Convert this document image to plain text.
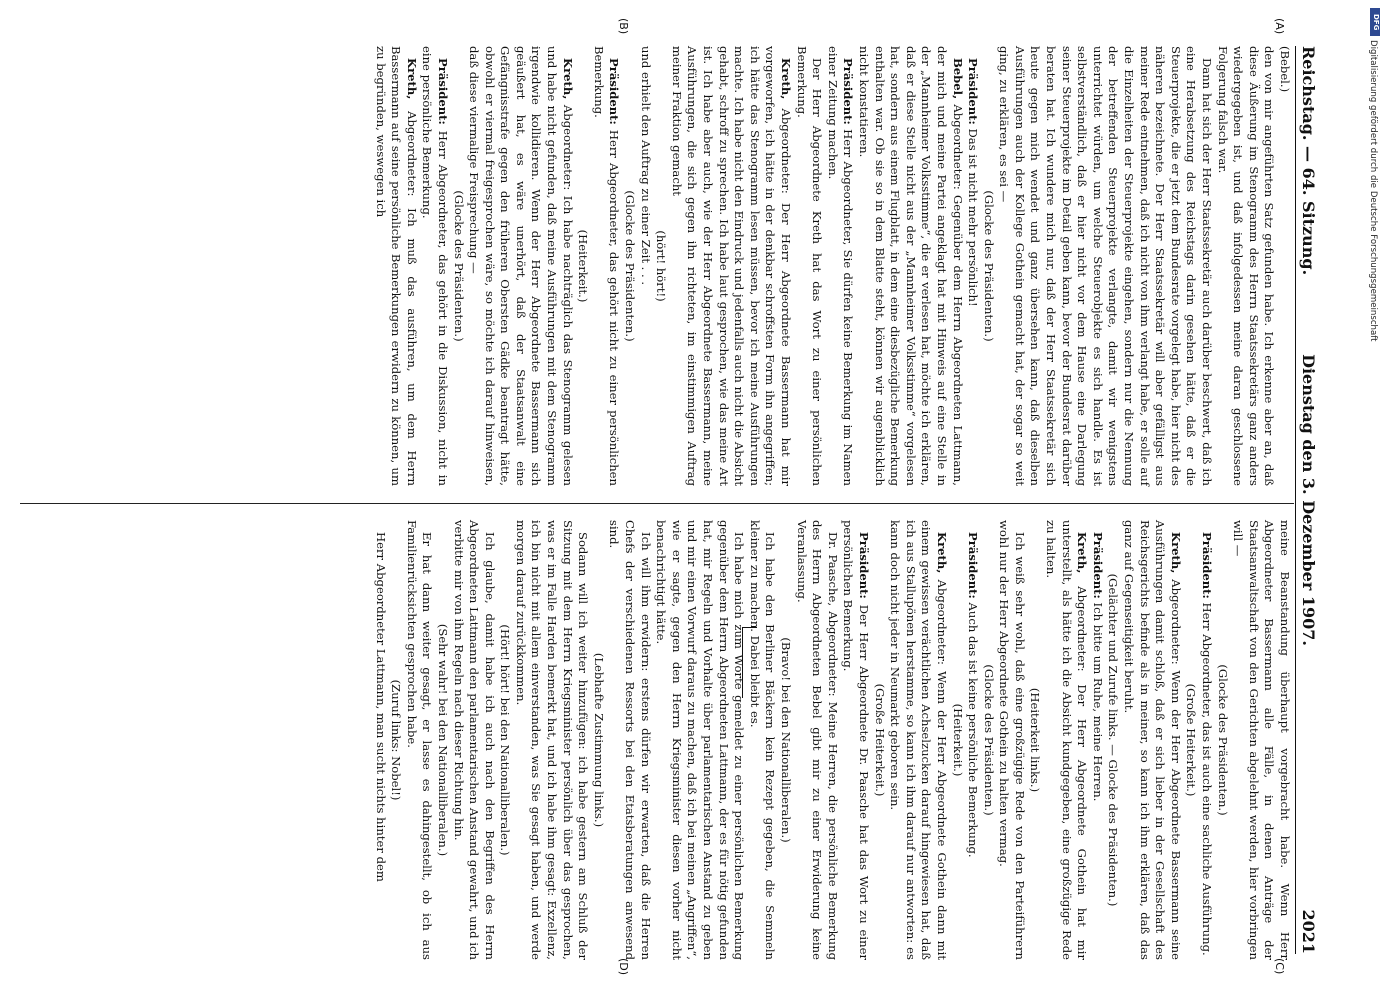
Reichstag. — 64. Sitzung.
Dienstag den 3. Dezember 1907.
2021
(A)
(B)
(C)
(D)

(Bebel.)

den von mir angeführten Satz gefunden habe. Ich erkenne aber an, daß diese Äußerung im Stenogramm des Herrn Staatssekretärs ganz anders wiedergegeben ist, und daß infolgedessen meine daran geschlossene Folgerung falsch war.

Dann hat sich der Herr Staatssekretär auch darüber beschwert, daß ich eine Herabsetzung des Reichstags darin gesehen hätte, daß er die Steuerprojekte, die er jetzt dem Bundesrate vorgelegt habe, hier nicht des näheren bezeichnete. Der Herr Staatssekretär will aber gefälligst aus meiner Rede entnehmen, daß ich nicht von ihm verlangt habe, er solle auf die Einzelheiten der Steuerprojekte eingehen, sondern nur die Nennung der betreffenden Steuerprojekte verlangte, damit wir wenigstens unterrichtet würden, um welche Steuerobjekte es sich handle. Es ist selbstverständlich, daß er hier nicht vor dem Hause eine Darlegung seiner Steuerprojekte im Detail geben kann, bevor der Bundesrat darüber beraten hat. Ich wundere mich nur, daß der Herr Staatssekretär sich heute gegen mich wendet und ganz übersehen kann, daß dieselben Ausführungen auch der Kollege Gothein gemacht hat, der sogar so weit ging, zu erklären, es sei —

(Glocke des Präsidenten.)

Präsident: Das ist nicht mehr persönlich!

Bebel, Abgeordneter: Gegenüber dem Herrn Abgeordneten Lattmann, der mich und meine Partei angeklagt hat mit Hinweis auf eine Stelle in der „Mannheimer Volksstimme“, die er verlesen hat, möchte ich erklären, daß er diese Stelle nicht aus der „Mannheimer Volksstimme“ vorgelesen hat, sondern aus einem Flugblatt, in dem eine diesbezügliche Bemerkung enthalten war. Ob sie so in dem Blatte steht, können wir augenblicklich nicht konstatieren.

Präsident: Herr Abgeordneter, Sie dürfen keine Bemerkung im Namen einer Zeitung machen.

Der Herr Abgeordnete Kreth hat das Wort zu einer persönlichen Bemerkung.

Kreth, Abgeordneter: Der Herr Abgeordnete Bassermann hat mir vorgeworfen, ich hätte in der denkbar schroffsten Form ihn angegriffen; ich hätte das Stenogramm lesen müssen, bevor ich meine Ausführungen machte. Ich habe nicht den Eindruck und jedenfalls auch nicht die Absicht gehabt, schroff zu sprechen. Ich habe laut gesprochen, wie das meine Art ist. Ich habe aber auch, wie der Herr Abgeordnete Bassermann, meine Ausführungen, die sich gegen ihn richteten, im einstimmigen Auftrag meiner Fraktion gemacht

(hört! hört!)

und erhielt den Auftrag zu einer Zeit . . .

(Glocke des Präsidenten.)

Präsident: Herr Abgeordneter, das gehört nicht zu einer persönlichen Bemerkung.

(Heiterkeit.)

Kreth, Abgeordneter: Ich habe nachträglich das Stenogramm gelesen und habe nicht gefunden, daß meine Ausführungen mit dem Stenogramm irgendwie kollidieren. Wenn der Herr Abgeordnete Bassermann sich geäußert hat, es wäre unerhört, daß der Staatsanwalt eine Gefängnisstrafe gegen den früheren Obersten Gädke beantragt hätte, obwohl er viermal freigesprochen wäre, so möchte ich darauf hinweisen, daß diese viermalige Freisprechung —

(Glocke des Präsidenten.)

Präsident: Herr Abgeordneter, das gehört in die Diskussion, nicht in eine persönliche Bemerkung.

Kreth, Abgeordneter: Ich muß das ausführen, um dem Herrn Bassermann auf seine persönliche Bemerkungen erwidern zu können, um zu begründen, weswegen ich

meine Beanstandung überhaupt vorgebracht habe. Wenn Herr Abgeordneter Bassermann alle Fälle, in denen Anträge der Staatsanwaltschaft von den Gerichten abgelehnt werden, hier vorbringen will —

(Glocke des Präsidenten.)

Präsident: Herr Abgeordneter, das ist auch eine sachliche Ausführung.

(Große Heiterkeit.)

Kreth, Abgeordneter: Wenn der Herr Abgeordnete Bassermann seine Ausführungen damit schloß, daß er sich lieber in der Gesellschaft des Reichsgerichts befinde als in meiner, so kann ich ihm erklären, daß das ganz auf Gegenseitigkeit beruht.

(Gelächter und Zurufe links. — Glocke des Präsidenten.)

Präsident: Ich bitte um Ruhe, meine Herren.

Kreth, Abgeordneter: Der Herr Abgeordnete Gothein hat mir unterstellt, als hätte ich die Absicht kundgegeben, eine großzügige Rede zu halten.

(Heiterkeit links.)

Ich weiß sehr wohl, daß eine großzügige Rede von den Parteiführern wohl nur der Herr Abgeordnete Gothein zu halten vermag.

(Glocke des Präsidenten.)

Präsident: Auch das ist keine persönliche Bemerkung.

(Heiterkeit.)

Kreth, Abgeordneter: Wenn der Herr Abgeordnete Gothein dann mit einem gewissen verächtlichen Achselzucken darauf hingewiesen hat, daß ich aus Stallupönen herstamme, so kann ich ihm darauf nur antworten: es kann doch nicht jeder in Neumarkt geboren sein.

(Große Heiterkeit.)

Präsident: Der Herr Abgeordnete Dr. Paasche hat das Wort zu einer persönlichen Bemerkung.

Dr. Paasche, Abgeordneter: Meine Herren, die persönliche Bemerkung des Herrn Abgeordneten Bebel gibt mir zu einer Erwiderung keine Veranlassung.

(Bravo! bei den Nationalliberalen.)

Ich habe den Berliner Bäckern kein Rezept gegeben, die Semmeln kleiner zu machen. Dabei bleibt es.

Ich habe mich zum Worte gemeldet zu einer persönlichen Bemerkung gegenüber dem Herrn Abgeordneten Lattmann, der es für nötig gefunden hat, mir Regeln und Vorhalte über parlamentarischen Anstand zu geben und mir einen Vorwurf daraus zu machen, daß ich bei meinen „Angriffen“, wie er sagte, gegen den Herrn Kriegsminister diesen vorher nicht benachrichtigt hätte.

Ich will ihm erwidern: erstens dürfen wir erwarten, daß die Herren Chefs der verschiedenen Ressorts bei den Etatsberatungen anwesend sind.

(Lebhafte Zustimmung links.)

Sodann will ich weiter hinzufügen: ich habe gestern am Schluß der Sitzung mit dem Herrn Kriegsminister persönlich über das gesprochen, was er im Falle Harden bemerkt hat, und ich habe ihm gesagt: Exzellenz, ich bin nicht mit allem einverstanden, was Sie gesagt haben, und werde morgen darauf zurückkommen.

(Hört! hört! bei den Nationalliberalen.)

Ich glaube, damit habe ich auch nach den Begriffen des Herrn Abgeordneten Lattmann den parlamentarischen Anstand gewahrt, und ich verbitte mir von ihm Regeln nach dieser Richtung hin.

(Sehr wahr! bei den Nationalliberalen.)

Er hat dann weiter gesagt, er lasse es dahingestellt, ob ich aus Familienrücksichten gesprochen habe.

(Zuruf links: Nobel!)

Herr Abgeordneter Lattmann, man sucht nichts hinter dem

DFG
Digitalisierung gefördert durch die Deutsche Forschungsgemeinschaft
